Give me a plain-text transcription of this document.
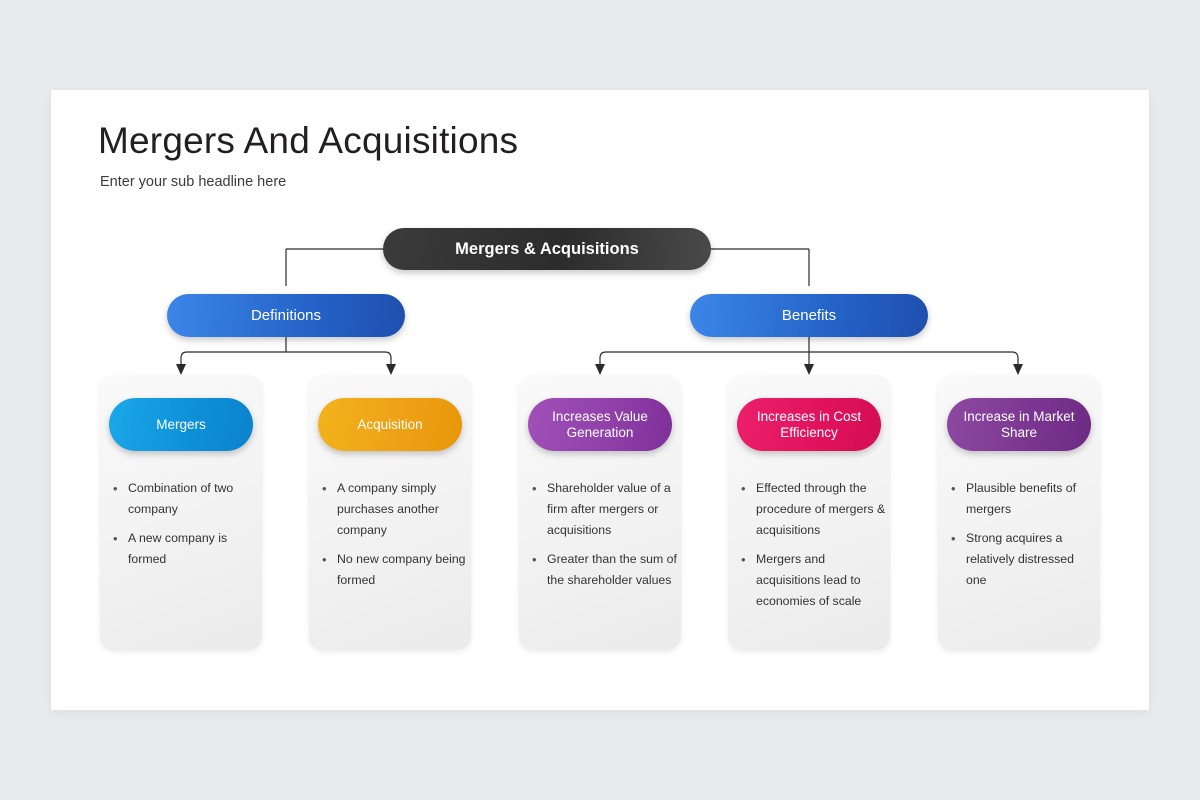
Mergers And Acquisitions
Enter your sub headline here
Mergers & Acquisitions
Definitions	Benefits
Mergers
• Combination of two company
• A new company is formed
Acquisition
• A company simply purchases another company
• No new company being formed
Increases Value Generation
• Shareholder value of a firm after mergers or acquisitions
• Greater than the sum of the shareholder values
Increases in Cost Efficiency
• Effected through the procedure of mergers & acquisitions
• Mergers and acquisitions lead to economies of scale
Increase in Market Share
• Plausible benefits of mergers
• Strong acquires a relatively distressed one
